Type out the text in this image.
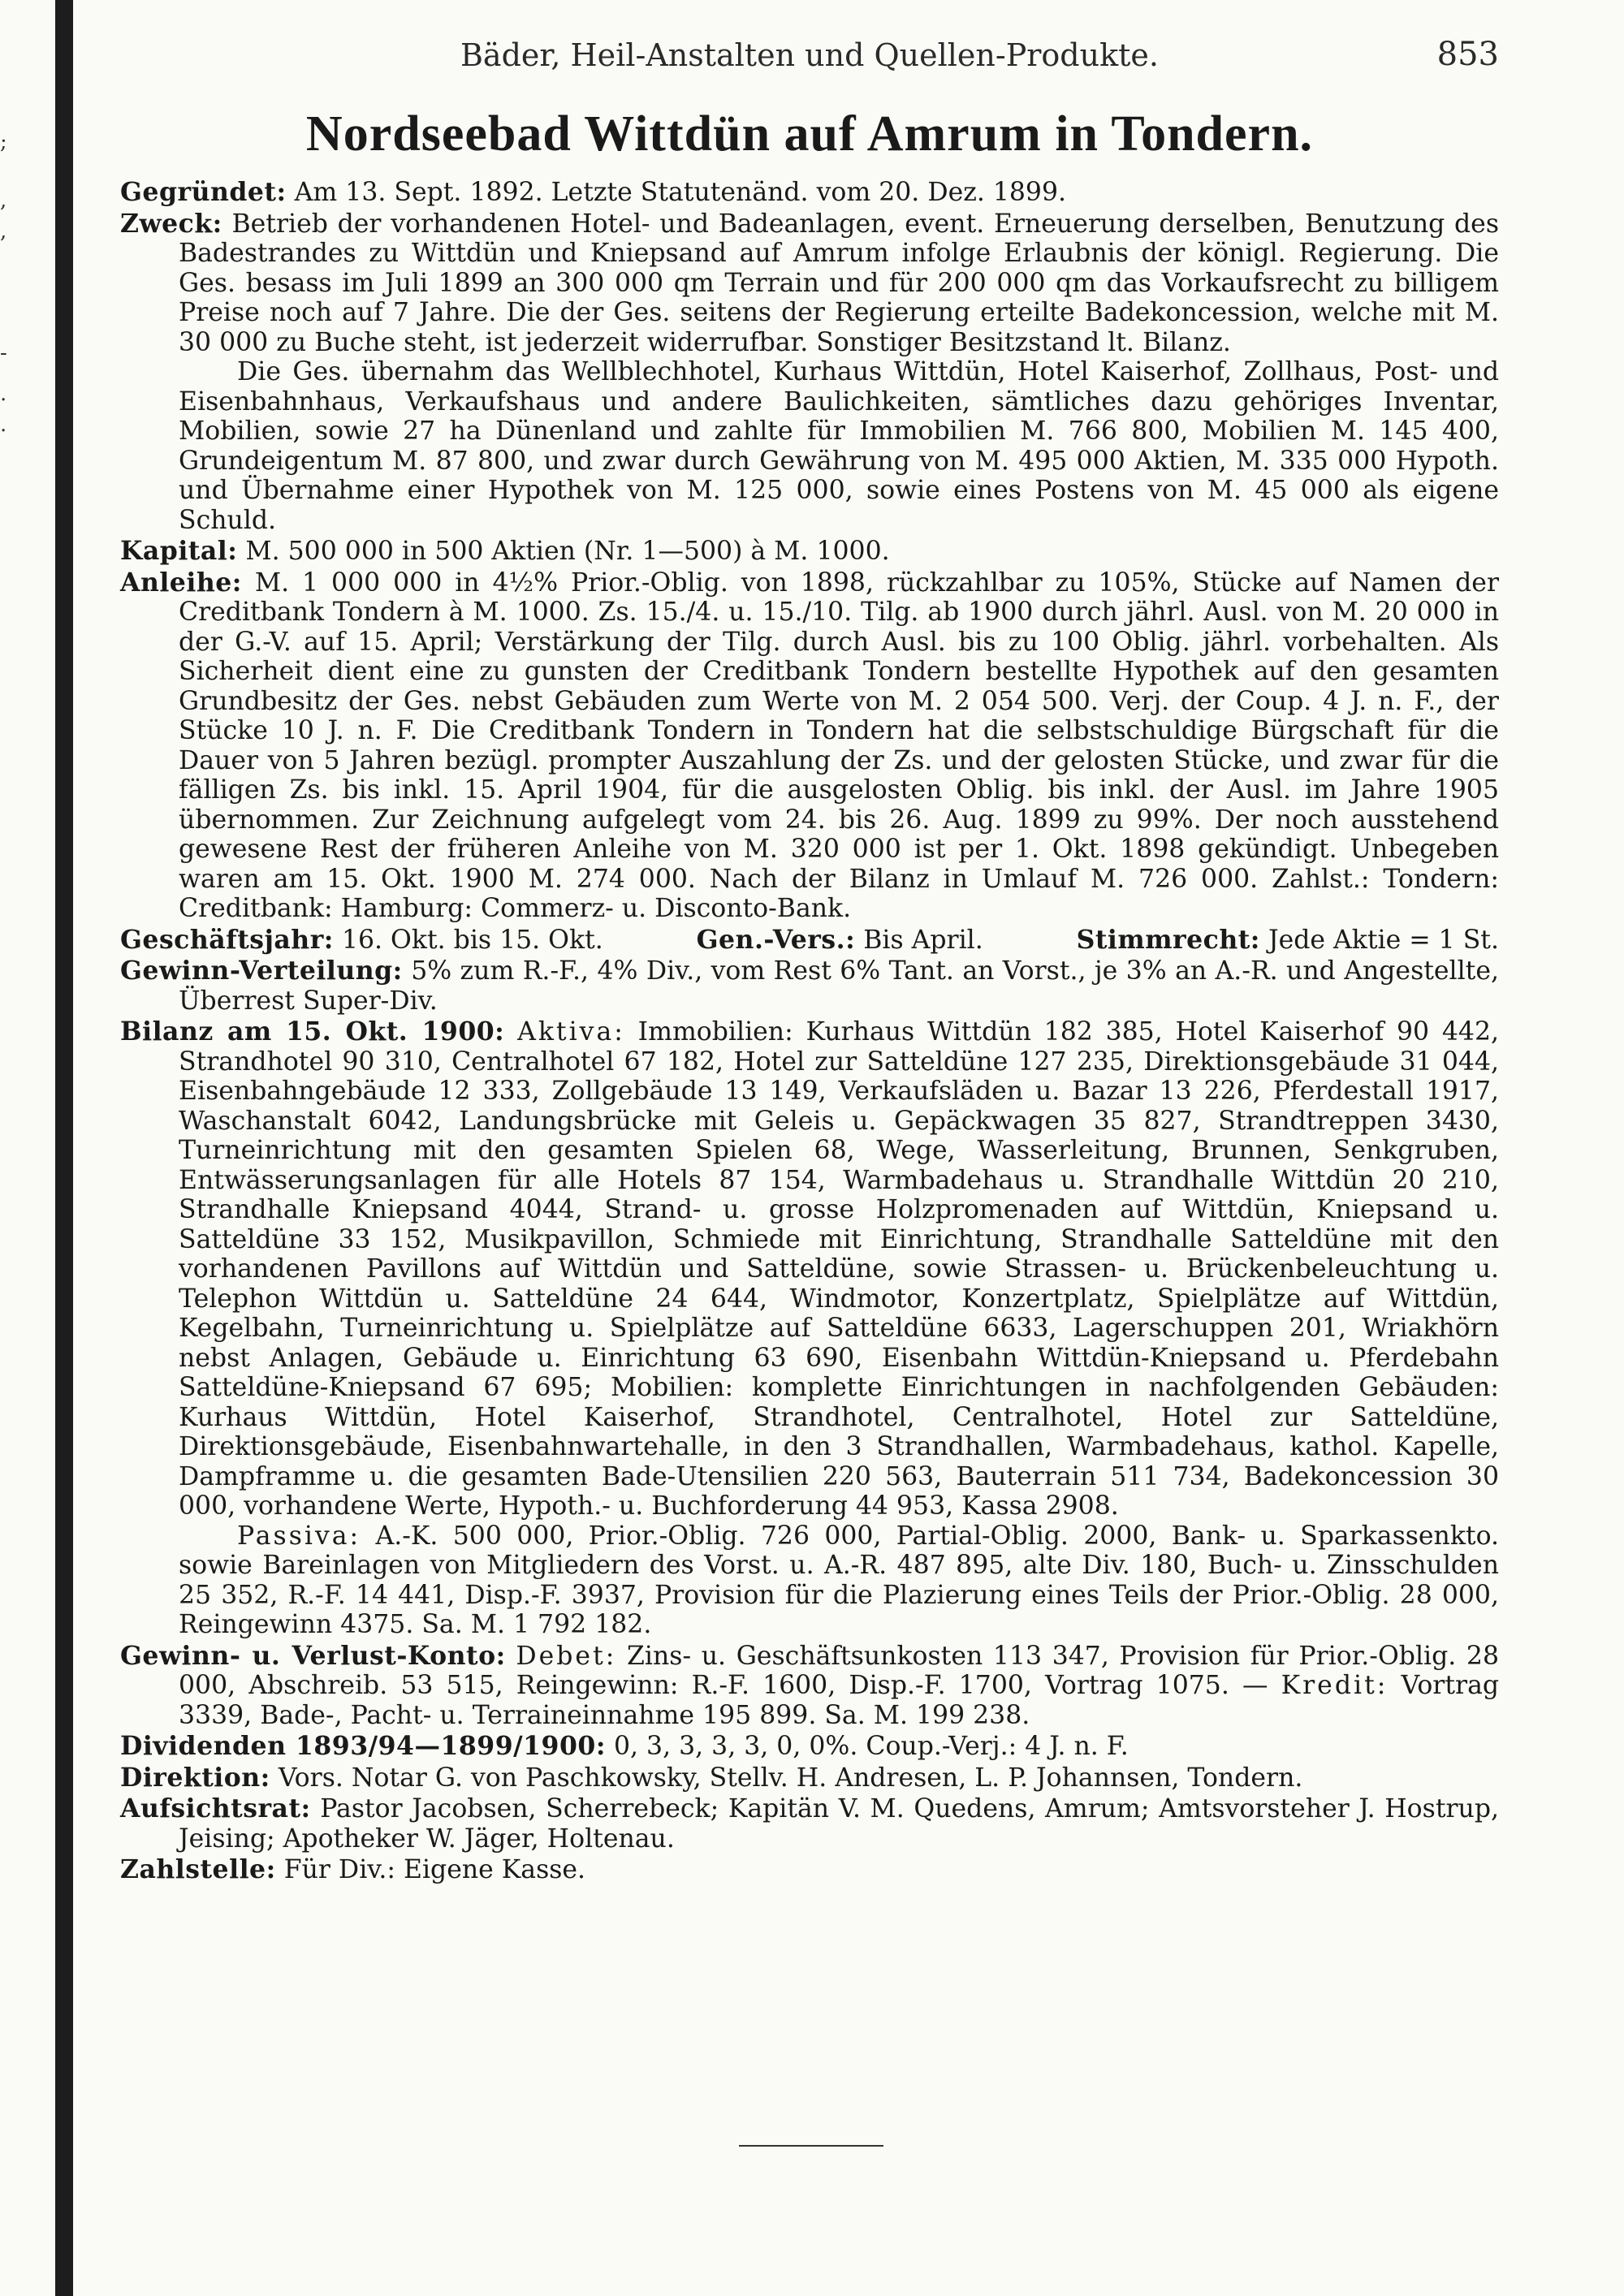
;
,
,
-
.
.
Bäder, Heil-Anstalten und Quellen-Produkte.	853
Nordseebad Wittdün auf Amrum in Tondern.
Gegründet: Am 13. Sept. 1892. Letzte Statutenänd. vom 20. Dez. 1899.
Zweck: Betrieb der vorhandenen Hotel- und Badeanlagen, event. Erneuerung derselben, Benutzung des Badestrandes zu Wittdün und Kniepsand auf Amrum infolge Erlaubnis der königl. Regierung. Die Ges. besass im Juli 1899 an 300 000 qm Terrain und für 200 000 qm das Vorkaufsrecht zu billigem Preise noch auf 7 Jahre. Die der Ges. seitens der Regierung erteilte Badekoncession, welche mit M. 30 000 zu Buche steht, ist jederzeit widerrufbar. Sonstiger Besitzstand lt. Bilanz.

Die Ges. übernahm das Wellblechhotel, Kurhaus Wittdün, Hotel Kaiserhof, Zollhaus, Post- und Eisenbahnhaus, Verkaufshaus und andere Baulichkeiten, sämtliches dazu gehöriges Inventar, Mobilien, sowie 27 ha Dünenland und zahlte für Immobilien M. 766 800, Mobilien M. 145 400, Grundeigentum M. 87 800, und zwar durch Gewährung von M. 495 000 Aktien, M. 335 000 Hypoth. und Übernahme einer Hypothek von M. 125 000, sowie eines Postens von M. 45 000 als eigene Schuld.

Kapital: M. 500 000 in 500 Aktien (Nr. 1—500) à M. 1000.
Anleihe: M. 1 000 000 in 4½% Prior.-Oblig. von 1898, rückzahlbar zu 105%, Stücke auf Namen der Creditbank Tondern à M. 1000. Zs. 15./4. u. 15./10. Tilg. ab 1900 durch jährl. Ausl. von M. 20 000 in der G.-V. auf 15. April; Verstärkung der Tilg. durch Ausl. bis zu 100 Oblig. jährl. vorbehalten. Als Sicherheit dient eine zu gunsten der Creditbank Tondern bestellte Hypothek auf den gesamten Grundbesitz der Ges. nebst Gebäuden zum Werte von M. 2 054 500. Verj. der Coup. 4 J. n. F., der Stücke 10 J. n. F. Die Creditbank Tondern in Tondern hat die selbstschuldige Bürgschaft für die Dauer von 5 Jahren bezügl. prompter Auszahlung der Zs. und der gelosten Stücke, und zwar für die fälligen Zs. bis inkl. 15. April 1904, für die ausgelosten Oblig. bis inkl. der Ausl. im Jahre 1905 übernommen. Zur Zeichnung aufgelegt vom 24. bis 26. Aug. 1899 zu 99%. Der noch ausstehend gewesene Rest der früheren Anleihe von M. 320 000 ist per 1. Okt. 1898 gekündigt. Unbegeben waren am 15. Okt. 1900 M. 274 000. Nach der Bilanz in Umlauf M. 726 000. Zahlst.: Tondern: Creditbank: Hamburg: Commerz- u. Disconto-Bank.
Geschäftsjahr: 16. Okt. bis 15. Okt.	Gen.-Vers.: Bis April.	Stimmrecht: Jede Aktie = 1 St.
Gewinn-Verteilung: 5% zum R.-F., 4% Div., vom Rest 6% Tant. an Vorst., je 3% an A.-R. und Angestellte, Überrest Super-Div.
Bilanz am 15. Okt. 1900: Aktiva: Immobilien: Kurhaus Wittdün 182 385, Hotel Kaiserhof 90 442, Strandhotel 90 310, Centralhotel 67 182, Hotel zur Satteldüne 127 235, Direktionsgebäude 31 044, Eisenbahngebäude 12 333, Zollgebäude 13 149, Verkaufsläden u. Bazar 13 226, Pferdestall 1917, Waschanstalt 6042, Landungsbrücke mit Geleis u. Gepäckwagen 35 827, Strandtreppen 3430, Turneinrichtung mit den gesamten Spielen 68, Wege, Wasserleitung, Brunnen, Senkgruben, Entwässerungsanlagen für alle Hotels 87 154, Warmbadehaus u. Strandhalle Wittdün 20 210, Strandhalle Kniepsand 4044, Strand- u. grosse Holzpromenaden auf Wittdün, Kniepsand u. Satteldüne 33 152, Musikpavillon, Schmiede mit Einrichtung, Strandhalle Satteldüne mit den vorhandenen Pavillons auf Wittdün und Satteldüne, sowie Strassen- u. Brückenbeleuchtung u. Telephon Wittdün u. Satteldüne 24 644, Windmotor, Konzertplatz, Spielplätze auf Wittdün, Kegelbahn, Turneinrichtung u. Spielplätze auf Satteldüne 6633, Lagerschuppen 201, Wriakhörn nebst Anlagen, Gebäude u. Einrichtung 63 690, Eisenbahn Wittdün-Kniepsand u. Pferdebahn Satteldüne-Kniepsand 67 695; Mobilien: komplette Einrichtungen in nachfolgenden Gebäuden: Kurhaus Wittdün, Hotel Kaiserhof, Strandhotel, Centralhotel, Hotel zur Satteldüne, Direktionsgebäude, Eisenbahnwartehalle, in den 3 Strandhallen, Warmbadehaus, kathol. Kapelle, Dampframme u. die gesamten Bade-Utensilien 220 563, Bauterrain 511 734, Badekoncession 30 000, vorhandene Werte, Hypoth.- u. Buchforderung 44 953, Kassa 2908.

Passiva: A.-K. 500 000, Prior.-Oblig. 726 000, Partial-Oblig. 2000, Bank- u. Sparkassenkto. sowie Bareinlagen von Mitgliedern des Vorst. u. A.-R. 487 895, alte Div. 180, Buch- u. Zinsschulden 25 352, R.-F. 14 441, Disp.-F. 3937, Provision für die Plazierung eines Teils der Prior.-Oblig. 28 000, Reingewinn 4375. Sa. M. 1 792 182.

Gewinn- u. Verlust-Konto: Debet: Zins- u. Geschäftsunkosten 113 347, Provision für Prior.-Oblig. 28 000, Abschreib. 53 515, Reingewinn: R.-F. 1600, Disp.-F. 1700, Vortrag 1075. — Kredit: Vortrag 3339, Bade-, Pacht- u. Terraineinnahme 195 899. Sa. M. 199 238.
Dividenden 1893/94—1899/1900: 0, 3, 3, 3, 3, 0, 0%. Coup.-Verj.: 4 J. n. F.
Direktion: Vors. Notar G. von Paschkowsky, Stellv. H. Andresen, L. P. Johannsen, Tondern.
Aufsichtsrat: Pastor Jacobsen, Scherrebeck; Kapitän V. M. Quedens, Amrum; Amtsvorsteher J. Hostrup, Jeising; Apotheker W. Jäger, Holtenau.
Zahlstelle: Für Div.: Eigene Kasse.
